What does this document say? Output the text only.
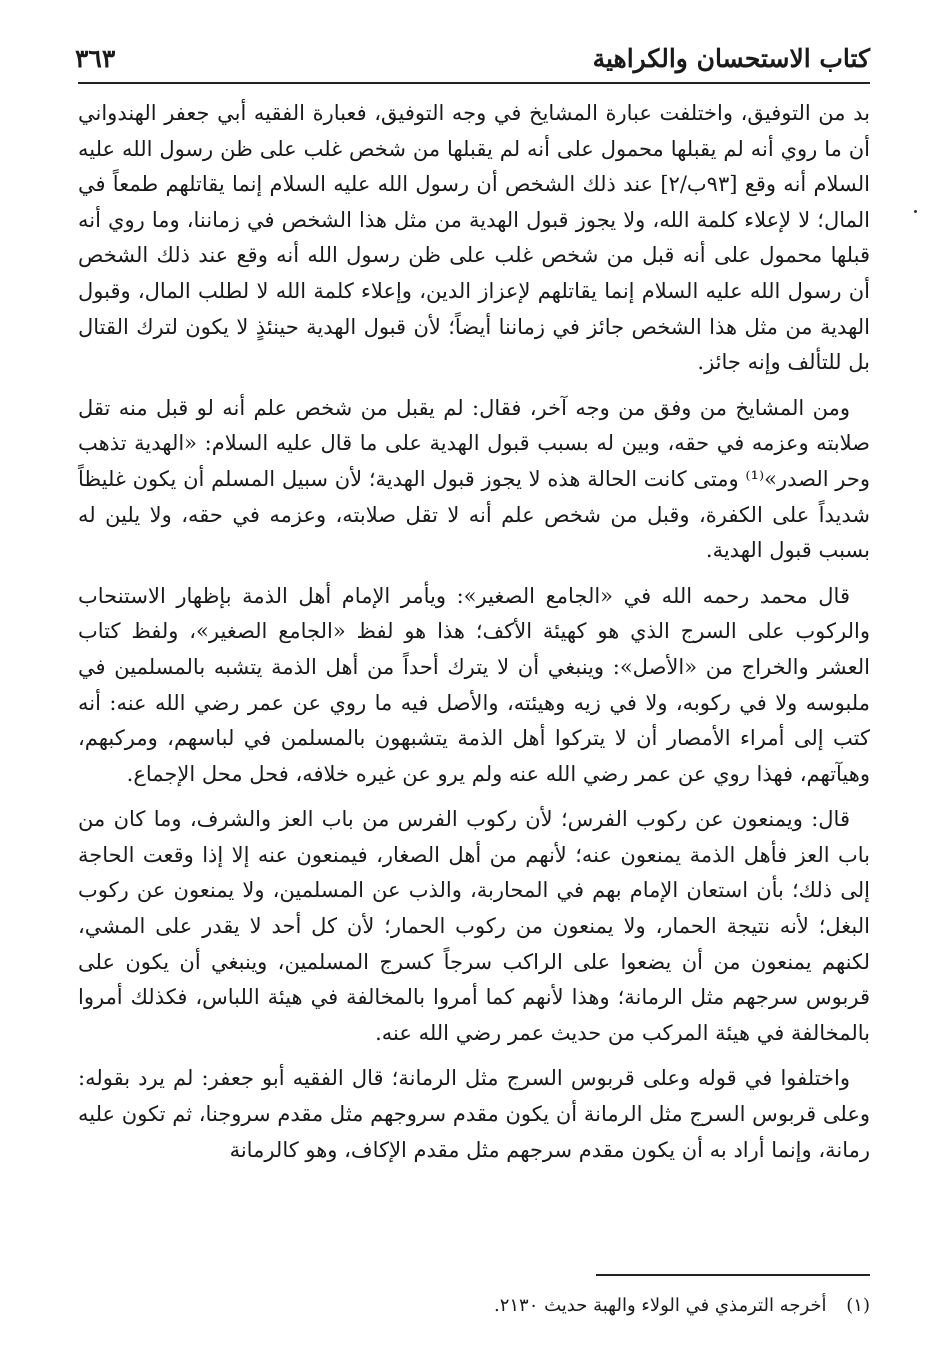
كتاب الاستحسان والكراهية
٣٦٣

بد من التوفيق، واختلفت عبارة المشايخ في وجه التوفيق، فعبارة الفقيه أبي جعفر الهندواني أن ما روي أنه لم يقبلها محمول على أنه لم يقبلها من شخص غلب على ظن رسول الله عليه السلام أنه وقع [٩٣ب/٢] عند ذلك الشخص أن رسول الله عليه السلام إنما يقاتلهم طمعاً في المال؛ لا لإعلاء كلمة الله، ولا يجوز قبول الهدية من مثل هذا الشخص في زماننا، وما روي أنه قبلها محمول على أنه قبل من شخص غلب على ظن رسول الله أنه وقع عند ذلك الشخص أن رسول الله عليه السلام إنما يقاتلهم لإعزاز الدين، وإعلاء كلمة الله لا لطلب المال، وقبول الهدية من مثل هذا الشخص جائز في زماننا أيضاً؛ لأن قبول الهدية حينئذٍ لا يكون لترك القتال بل للتألف وإنه جائز.

ومن المشايخ من وفق من وجه آخر، فقال: لم يقبل من شخص علم أنه لو قبل منه تقل صلابته وعزمه في حقه، وبين له بسبب قبول الهدية على ما قال عليه السلام: «الهدية تذهب وحر الصدر»⁽¹⁾ ومتى كانت الحالة هذه لا يجوز قبول الهدية؛ لأن سبيل المسلم أن يكون غليظاً شديداً على الكفرة، وقبل من شخص علم أنه لا تقل صلابته، وعزمه في حقه، ولا يلين له بسبب قبول الهدية.

قال محمد رحمه الله في «الجامع الصغير»: ويأمر الإمام أهل الذمة بإظهار الاستنحاب والركوب على السرج الذي هو كهيئة الأكف؛ هذا هو لفظ «الجامع الصغير»، ولفظ كتاب العشر والخراج من «الأصل»: وينبغي أن لا يترك أحداً من أهل الذمة يتشبه بالمسلمين في ملبوسه ولا في ركوبه، ولا في زيه وهيئته، والأصل فيه ما روي عن عمر رضي الله عنه: أنه كتب إلى أمراء الأمصار أن لا يتركوا أهل الذمة يتشبهون بالمسلمن في لباسهم، ومركبهم، وهيآتهم، فهذا روي عن عمر رضي الله عنه ولم يرو عن غيره خلافه، فحل محل الإجماع.

قال: ويمنعون عن ركوب الفرس؛ لأن ركوب الفرس من باب العز والشرف، وما كان من باب العز فأهل الذمة يمنعون عنه؛ لأنهم من أهل الصغار، فيمنعون عنه إلا إذا وقعت الحاجة إلى ذلك؛ بأن استعان الإمام بهم في المحاربة، والذب عن المسلمين، ولا يمنعون عن ركوب البغل؛ لأنه نتيجة الحمار، ولا يمنعون من ركوب الحمار؛ لأن كل أحد لا يقدر على المشي، لكنهم يمنعون من أن يضعوا على الراكب سرجاً كسرج المسلمين، وينبغي أن يكون على قربوس سرجهم مثل الرمانة؛ وهذا لأنهم كما أمروا بالمخالفة في هيئة اللباس، فكذلك أمروا بالمخالفة في هيئة المركب من حديث عمر رضي الله عنه.

واختلفوا في قوله وعلى قربوس السرج مثل الرمانة؛ قال الفقيه أبو جعفر: لم يرد بقوله: وعلى قربوس السرج مثل الرمانة أن يكون مقدم سروجهم مثل مقدم سروجنا، ثم تكون عليه رمانة، وإنما أراد به أن يكون مقدم سرجهم مثل مقدم الإكاف، وهو كالرمانة

(١) أخرجه الترمذي في الولاء والهبة حديث ٢١٣٠.
